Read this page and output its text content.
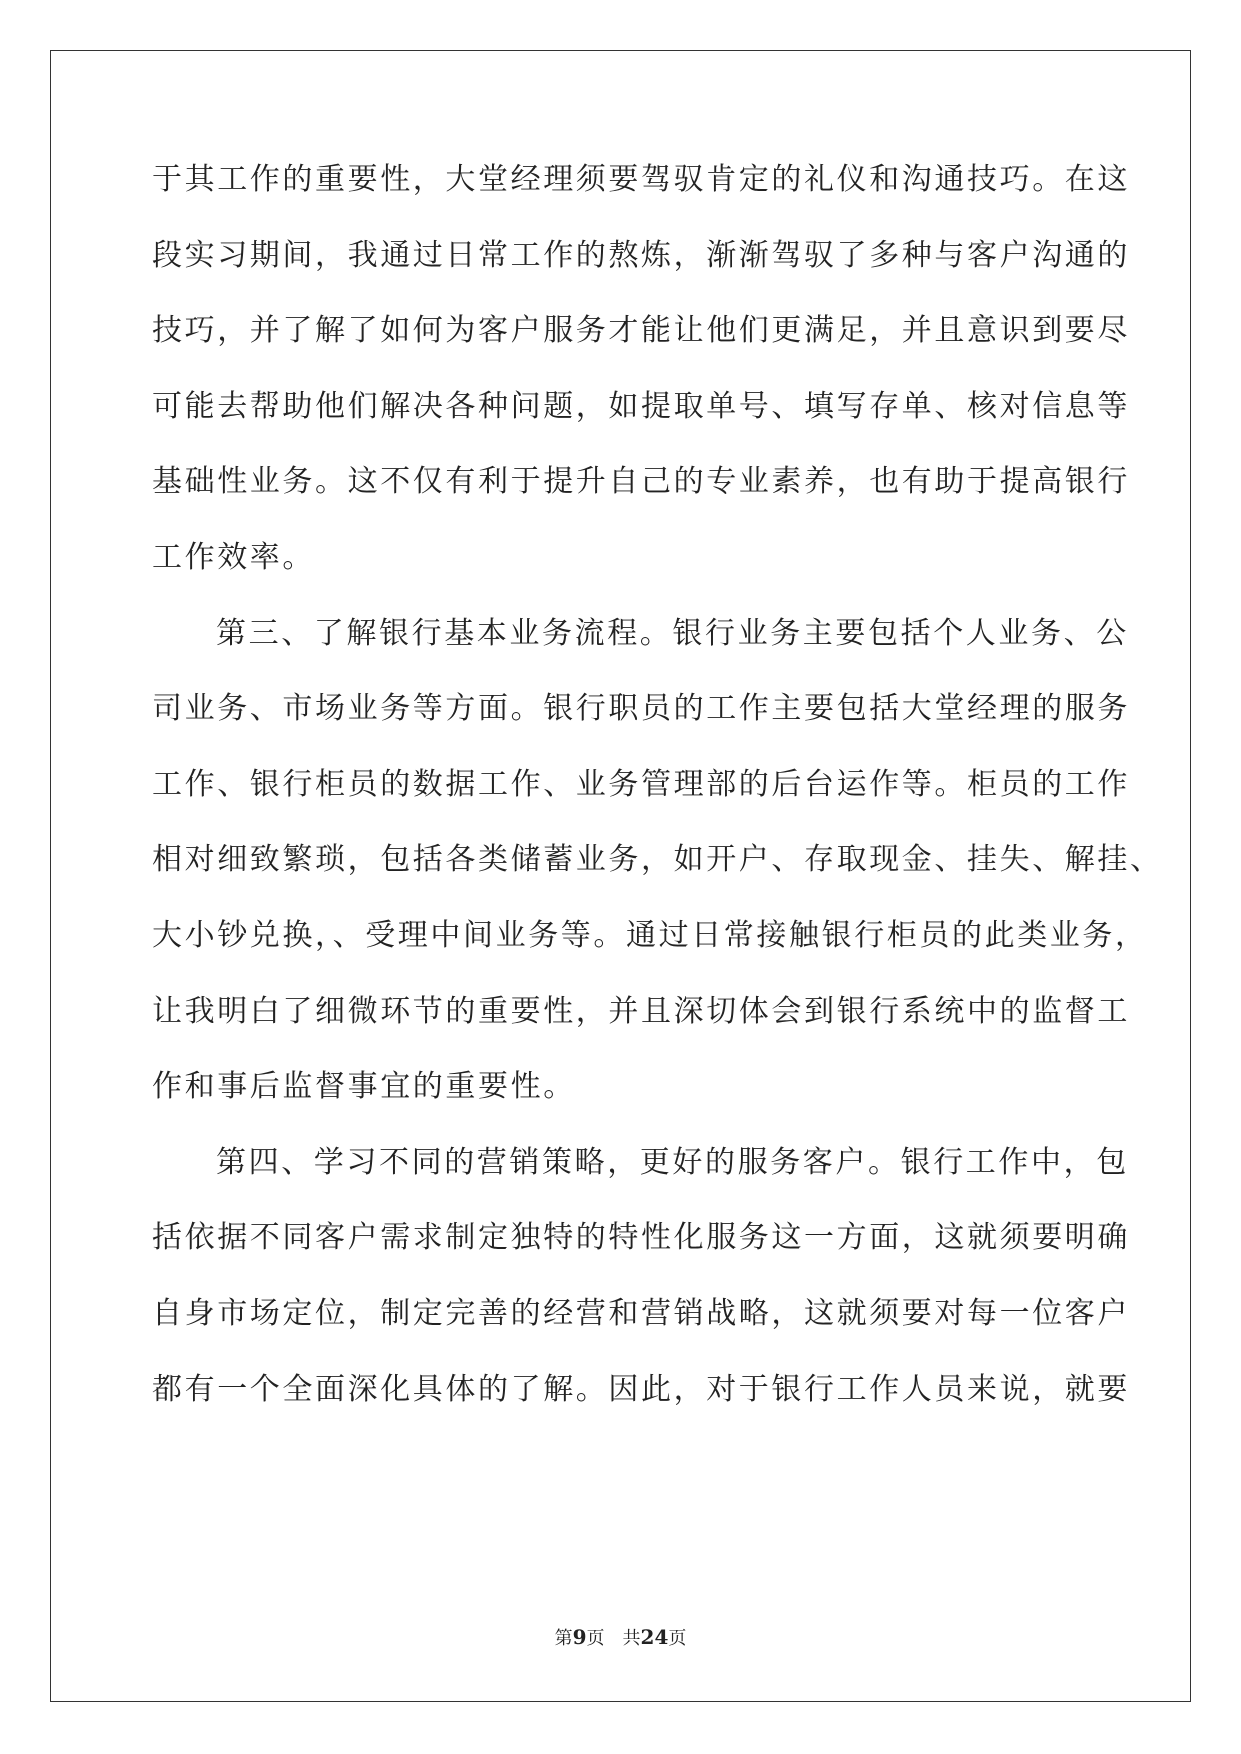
于其工作的重要性，大堂经理须要驾驭肯定的礼仪和沟通技巧。在这
段实习期间，我通过日常工作的熬炼，渐渐驾驭了多种与客户沟通的
技巧，并了解了如何为客户服务才能让他们更满足，并且意识到要尽
可能去帮助他们解决各种问题，如提取单号、填写存单、核对信息等
基础性业务。这不仅有利于提升自己的专业素养，也有助于提高银行
工作效率。
第三、了解银行基本业务流程。银行业务主要包括个人业务、公
司业务、市场业务等方面。银行职员的工作主要包括大堂经理的服务
工作、银行柜员的数据工作、业务管理部的后台运作等。柜员的工作
相对细致繁琐，包括各类储蓄业务，如开户、存取现金、挂失、解挂、
大小钞兑换，、受理中间业务等。通过日常接触银行柜员的此类业务，
让我明白了细微环节的重要性，并且深切体会到银行系统中的监督工
作和事后监督事宜的重要性。
第四、学习不同的营销策略，更好的服务客户。银行工作中，包
括依据不同客户需求制定独特的特性化服务这一方面，这就须要明确
自身市场定位，制定完善的经营和营销战略，这就须要对每一位客户
都有一个全面深化具体的了解。因此，对于银行工作人员来说，就要
第9页 共24页
